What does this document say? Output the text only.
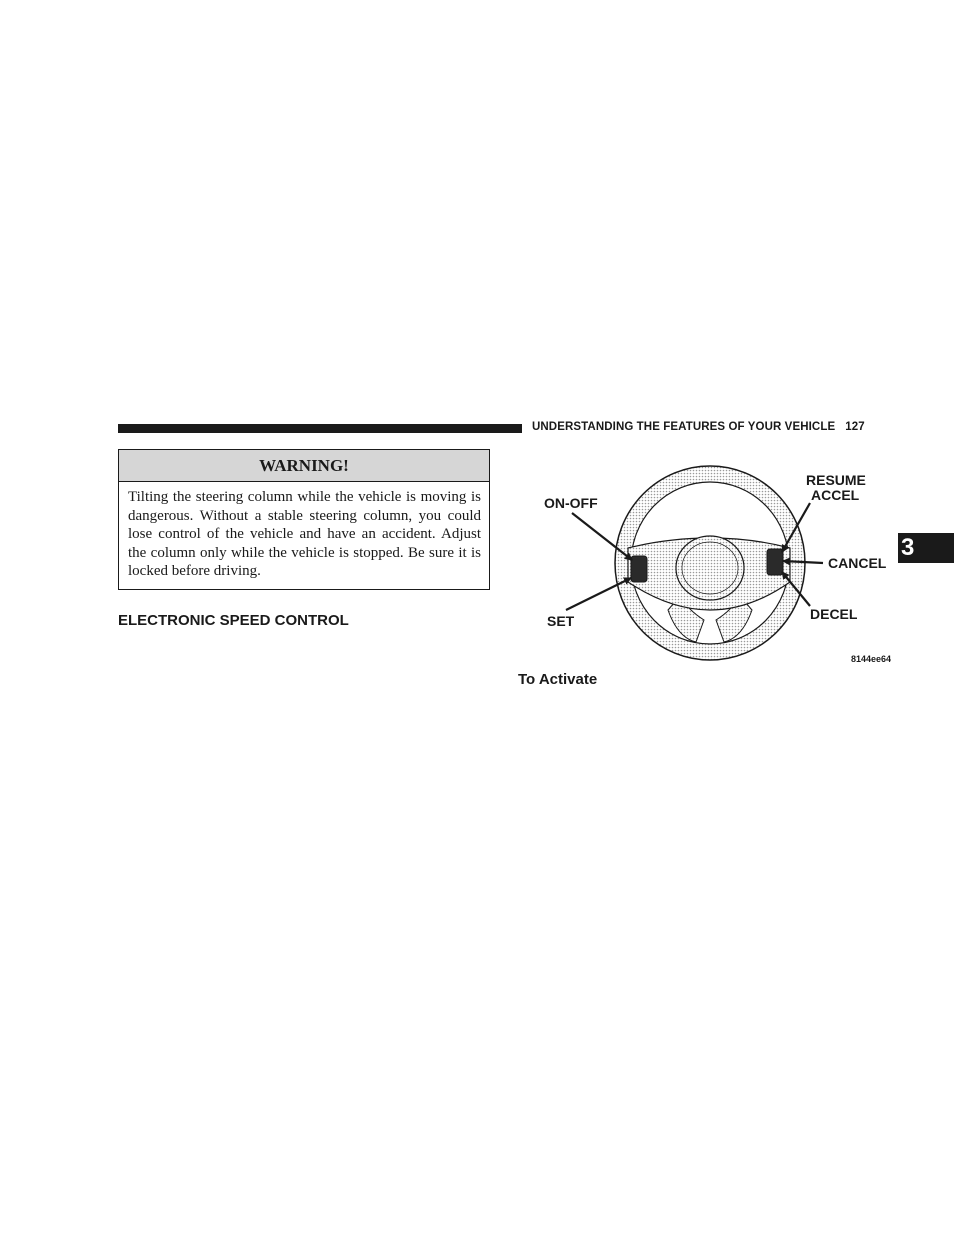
UNDERSTANDING THE FEATURES OF YOUR VEHICLE 127
WARNING!
Tilting the steering column while the vehicle is moving is dangerous. Without a stable steering column, you could lose control of the vehicle and have an accident. Adjust the column only while the vehicle is stopped. Be sure it is locked before driving.
ELECTRONIC SPEED CONTROL
ON-OFF
SET
RESUME
ACCEL
CANCEL
DECEL
8144ee64
To Activate
3
